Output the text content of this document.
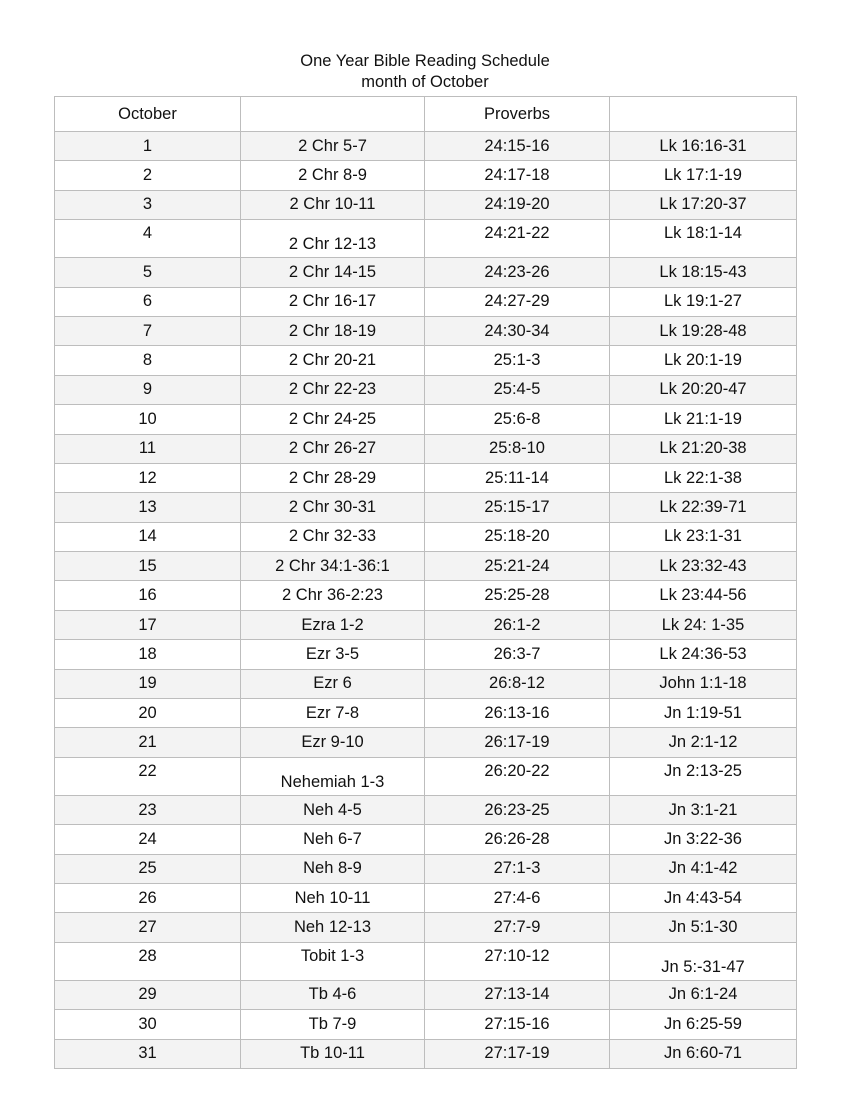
One Year Bible Reading Schedule
month of October
October		Proverbs	
1	2 Chr 5-7	24:15-16	Lk 16:16-31
2	2 Chr 8-9	24:17-18	Lk 17:1-19
3	2 Chr 10-11	24:19-20	Lk 17:20-37
4	2 Chr 12-13	24:21-22	Lk 18:1-14
5	2 Chr 14-15	24:23-26	Lk 18:15-43
6	2 Chr 16-17	24:27-29	Lk 19:1-27
7	2 Chr 18-19	24:30-34	Lk 19:28-48
8	2 Chr 20-21	25:1-3	Lk 20:1-19
9	2 Chr 22-23	25:4-5	Lk 20:20-47
10	2 Chr 24-25	25:6-8	Lk 21:1-19
11	2 Chr 26-27	25:8-10	Lk 21:20-38
12	2 Chr 28-29	25:11-14	Lk 22:1-38
13	2 Chr 30-31	25:15-17	Lk 22:39-71
14	2 Chr 32-33	25:18-20	Lk 23:1-31
15	2 Chr 34:1-36:1	25:21-24	Lk 23:32-43
16	2 Chr 36-2:23	25:25-28	Lk 23:44-56
17	Ezra 1-2	26:1-2	Lk 24: 1-35
18	Ezr 3-5	26:3-7	Lk 24:36-53
19	Ezr 6	26:8-12	John 1:1-18
20	Ezr 7-8	26:13-16	Jn 1:19-51
21	Ezr 9-10	26:17-19	Jn 2:1-12
22	Nehemiah 1-3	26:20-22	Jn 2:13-25
23	Neh 4-5	26:23-25	Jn 3:1-21
24	Neh 6-7	26:26-28	Jn 3:22-36
25	Neh 8-9	27:1-3	Jn 4:1-42
26	Neh 10-11	27:4-6	Jn 4:43-54
27	Neh 12-13	27:7-9	Jn 5:1-30
28	Tobit 1-3	27:10-12	Jn 5:-31-47
29	Tb 4-6	27:13-14	Jn 6:1-24
30	Tb 7-9	27:15-16	Jn 6:25-59
31	Tb 10-11	27:17-19	Jn 6:60-71
